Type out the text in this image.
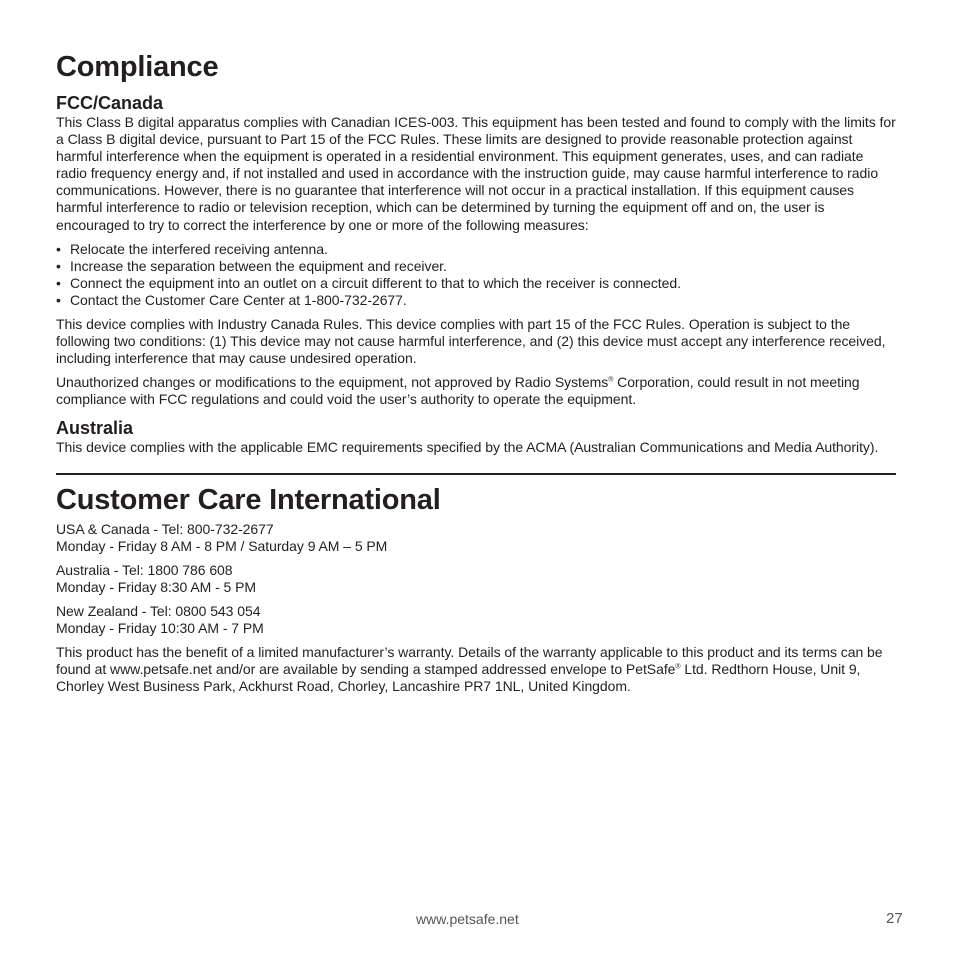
Compliance
FCC/Canada

This Class B digital apparatus complies with Canadian ICES-003. This equipment has been tested and found to comply with the limits for a Class B digital device, pursuant to Part 15 of the FCC Rules. These limits are designed to provide reasonable protection against harmful interference when the equipment is operated in a residential environment. This equipment generates, uses, and can radiate radio frequency energy and, if not installed and used in accordance with the instruction guide, may cause harmful interference to radio communications. However, there is no guarantee that interference will not occur in a practical installation. If this equipment causes harmful interference to radio or television reception, which can be determined by turning the equipment off and on, the user is encouraged to try to correct the interference by one or more of the following measures:

• Relocate the interfered receiving antenna.
• Increase the separation between the equipment and receiver.
• Connect the equipment into an outlet on a circuit different to that to which the receiver is connected.
• Contact the Customer Care Center at 1-800-732-2677.

This device complies with Industry Canada Rules. This device complies with part 15 of the FCC Rules. Operation is subject to the following two conditions: (1) This device may not cause harmful interference, and (2) this device must accept any interference received, including interference that may cause undesired operation.

Unauthorized changes or modifications to the equipment, not approved by Radio Systems® Corporation, could result in not meeting compliance with FCC regulations and could void the user’s authority to operate the equipment.

Australia

This device complies with the applicable EMC requirements specified by the ACMA (Australian Communications and Media Authority).

Customer Care International

USA & Canada - Tel: 800-732-2677

Monday - Friday 8 AM - 8 PM / Saturday 9 AM – 5 PM

Australia - Tel: 1800 786 608

Monday - Friday 8:30 AM - 5 PM

New Zealand - Tel: 0800 543 054

Monday - Friday 10:30 AM - 7 PM

This product has the benefit of a limited manufacturer’s warranty. Details of the warranty applicable to this product and its terms can be found at www.petsafe.net and/or are available by sending a stamped addressed envelope to PetSafe® Ltd. Redthorn House, Unit 9, Chorley West Business Park, Ackhurst Road, Chorley, Lancashire PR7 1NL, United Kingdom.

www.petsafe.net	27
